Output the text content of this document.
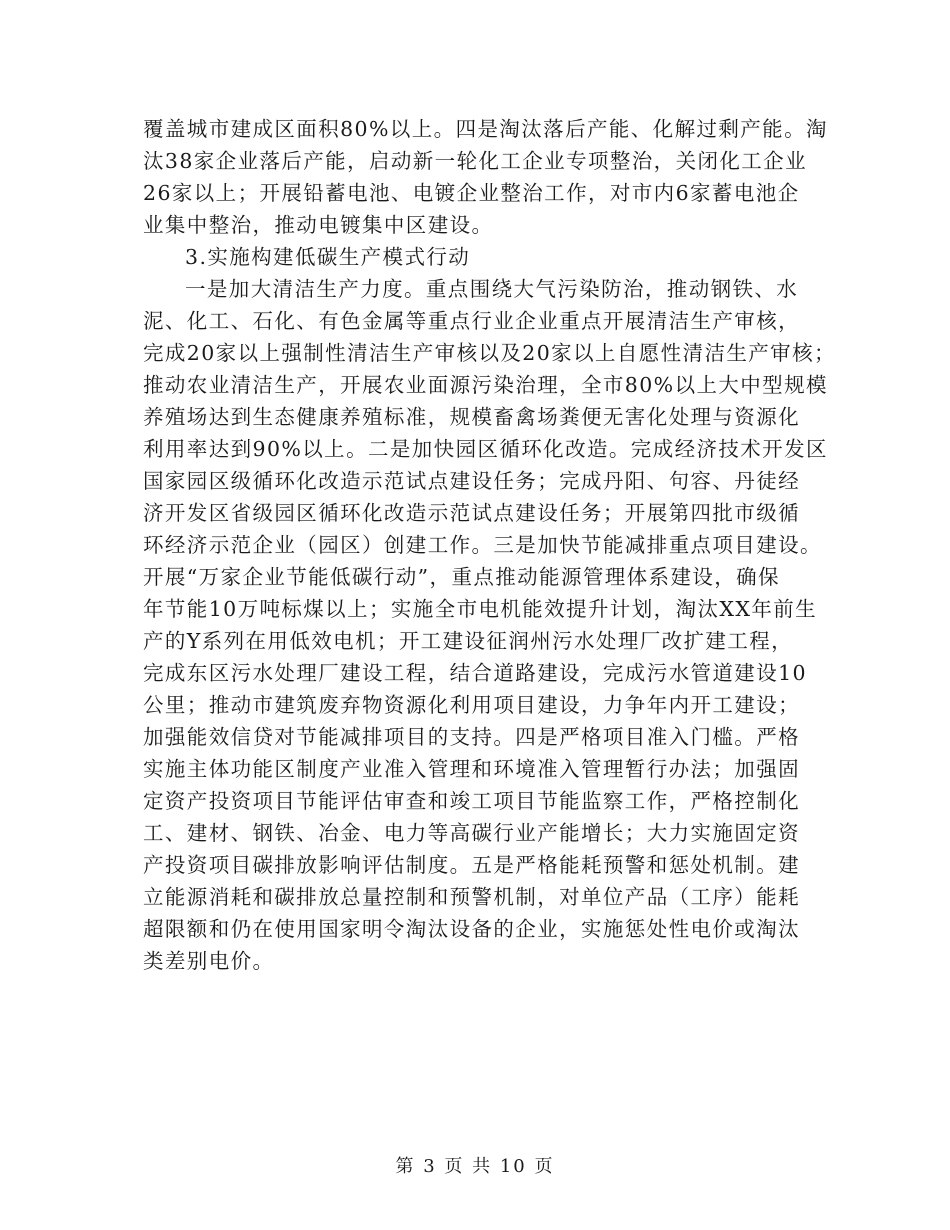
覆盖城市建成区面积80%以上。四是淘汰落后产能、化解过剩产能。淘
汰38家企业落后产能，启动新一轮化工企业专项整治，关闭化工企业
26家以上；开展铅蓄电池、电镀企业整治工作，对市内6家蓄电池企
业集中整治，推动电镀集中区建设。
3.实施构建低碳生产模式行动
一是加大清洁生产力度。重点围绕大气污染防治，推动钢铁、水
泥、化工、石化、有色金属等重点行业企业重点开展清洁生产审核，
完成20家以上强制性清洁生产审核以及20家以上自愿性清洁生产审核；
推动农业清洁生产，开展农业面源污染治理，全市80%以上大中型规模
养殖场达到生态健康养殖标准，规模畜禽场粪便无害化处理与资源化
利用率达到90%以上。二是加快园区循环化改造。完成经济技术开发区
国家园区级循环化改造示范试点建设任务；完成丹阳、句容、丹徒经
济开发区省级园区循环化改造示范试点建设任务；开展第四批市级循
环经济示范企业（园区）创建工作。三是加快节能减排重点项目建设。
开展“万家企业节能低碳行动”，重点推动能源管理体系建设，确保
年节能10万吨标煤以上；实施全市电机能效提升计划，淘汰XX年前生
产的Y系列在用低效电机；开工建设征润州污水处理厂改扩建工程，
完成东区污水处理厂建设工程，结合道路建设，完成污水管道建设10
公里；推动市建筑废弃物资源化利用项目建设，力争年内开工建设；
加强能效信贷对节能减排项目的支持。四是严格项目准入门槛。严格
实施主体功能区制度产业准入管理和环境准入管理暂行办法；加强固
定资产投资项目节能评估审查和竣工项目节能监察工作，严格控制化
工、建材、钢铁、冶金、电力等高碳行业产能增长；大力实施固定资
产投资项目碳排放影响评估制度。五是严格能耗预警和惩处机制。建
立能源消耗和碳排放总量控制和预警机制，对单位产品（工序）能耗
超限额和仍在使用国家明令淘汰设备的企业，实施惩处性电价或淘汰
类差别电价。
第 3 页 共 10 页
